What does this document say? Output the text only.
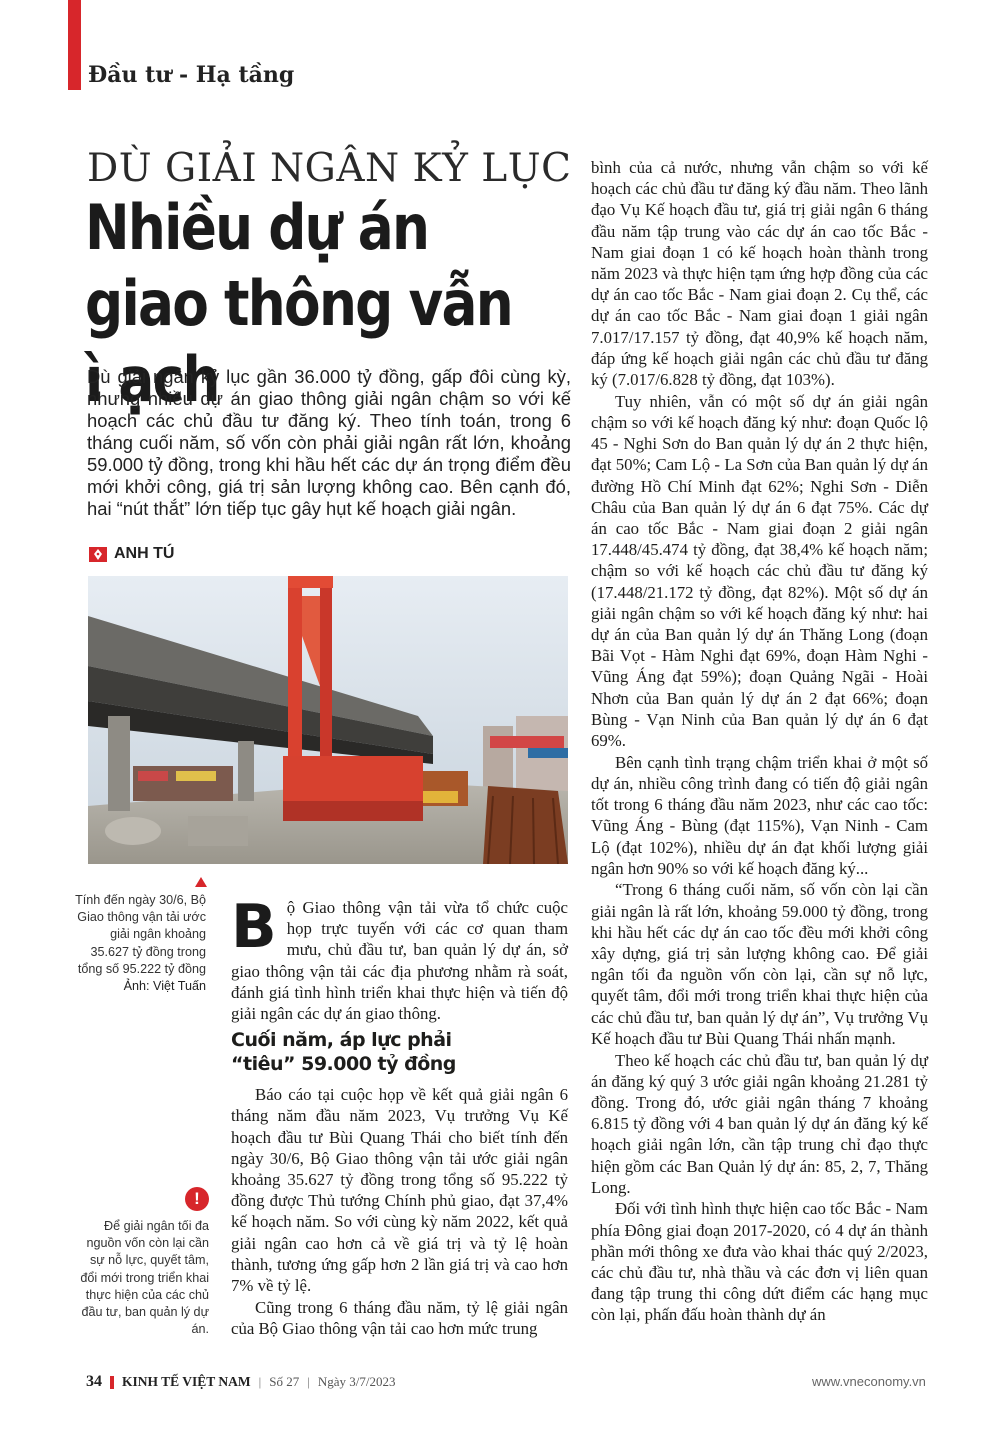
Đầu tư - Hạ tầng
DÙ GIẢI NGÂN KỶ LỤC
Nhiều dự án
giao thông vẫn ì ạch
Dù giải ngân kỷ lục gần 36.000 tỷ đồng, gấp đôi cùng kỳ, nhưng nhiều dự án giao thông giải ngân chậm so với kế hoạch các chủ đầu tư đăng ký. Theo tính toán, trong 6 tháng cuối năm, số vốn còn phải giải ngân rất lớn, khoảng 59.000 tỷ đồng, trong khi hầu hết các dự án trọng điểm đều mới khởi công, giá trị sản lượng không cao. Bên cạnh đó, hai “nút thắt” lớn tiếp tục gây hụt kế hoạch giải ngân.
ANH TÚ
Tính đến ngày 30/6, Bộ Giao thông vận tải ước giải ngân khoảng 35.627 tỷ đồng trong tổng số 95.222 tỷ đồng
Ảnh: Việt Tuấn
!
Để giải ngân tối đa nguồn vốn còn lại cần sự nỗ lực, quyết tâm, đổi mới trong triển khai thực hiện của các chủ đầu tư, ban quản lý dự án.

Bộ Giao thông vận tải vừa tổ chức cuộc họp trực tuyến với các cơ quan tham mưu, chủ đầu tư, ban quản lý dự án, sở giao thông vận tải các địa phương nhằm rà soát, đánh giá tình hình triển khai thực hiện và tiến độ giải ngân các dự án giao thông.

Cuối năm, áp lực phải
“tiêu” 59.000 tỷ đồng

Báo cáo tại cuộc họp về kết quả giải ngân 6 tháng năm đầu năm 2023, Vụ trưởng Vụ Kế hoạch đầu tư Bùi Quang Thái cho biết tính đến ngày 30/6, Bộ Giao thông vận tải ước giải ngân khoảng 35.627 tỷ đồng trong tổng số 95.222 tỷ đồng được Thủ tướng Chính phủ giao, đạt 37,4% kế hoạch năm. So với cùng kỳ năm 2022, kết quả giải ngân cao hơn cả về giá trị và tỷ lệ hoàn thành, tương ứng gấp hơn 2 lần giá trị và cao hơn 7% về tỷ lệ.

Cũng trong 6 tháng đầu năm, tỷ lệ giải ngân của Bộ Giao thông vận tải cao hơn mức trung

bình của cả nước, nhưng vẫn chậm so với kế hoạch các chủ đầu tư đăng ký đầu năm. Theo lãnh đạo Vụ Kế hoạch đầu tư, giá trị giải ngân 6 tháng đầu năm tập trung vào các dự án cao tốc Bắc - Nam giai đoạn 1 có kế hoạch hoàn thành trong năm 2023 và thực hiện tạm ứng hợp đồng của các dự án cao tốc Bắc - Nam giai đoạn 2. Cụ thể, các dự án cao tốc Bắc - Nam giai đoạn 1 giải ngân 7.017/17.157 tỷ đồng, đạt 40,9% kế hoạch năm, đáp ứng kế hoạch giải ngân các chủ đầu tư đăng ký (7.017/6.828 tỷ đồng, đạt 103%).

Tuy nhiên, vẫn có một số dự án giải ngân chậm so với kế hoạch đăng ký như: đoạn Quốc lộ 45 - Nghi Sơn do Ban quản lý dự án 2 thực hiện, đạt 50%; Cam Lộ - La Sơn của Ban quản lý dự án đường Hồ Chí Minh đạt 62%; Nghi Sơn - Diễn Châu của Ban quản lý dự án 6 đạt 75%. Các dự án cao tốc Bắc - Nam giai đoạn 2 giải ngân 17.448/45.474 tỷ đồng, đạt 38,4% kế hoạch năm; chậm so với kế hoạch các chủ đầu tư đăng ký (17.448/21.172 tỷ đồng, đạt 82%). Một số dự án giải ngân chậm so với kế hoạch đăng ký như: hai dự án của Ban quản lý dự án Thăng Long (đoạn Bãi Vọt - Hàm Nghi đạt 69%, đoạn Hàm Nghi - Vũng Áng đạt 59%); đoạn Quảng Ngãi - Hoài Nhơn của Ban quản lý dự án 2 đạt 66%; đoạn Bùng - Vạn Ninh của Ban quản lý dự án 6 đạt 69%.

Bên cạnh tình trạng chậm triển khai ở một số dự án, nhiều công trình đang có tiến độ giải ngân tốt trong 6 tháng đầu năm 2023, như các cao tốc: Vũng Áng - Bùng (đạt 115%), Vạn Ninh - Cam Lộ (đạt 102%), nhiều dự án đạt khối lượng giải ngân hơn 90% so với kế hoạch đăng ký...

“Trong 6 tháng cuối năm, số vốn còn lại cần giải ngân là rất lớn, khoảng 59.000 tỷ đồng, trong khi hầu hết các dự án cao tốc đều mới khởi công xây dựng, giá trị sản lượng không cao. Để giải ngân tối đa nguồn vốn còn lại, cần sự nỗ lực, quyết tâm, đổi mới trong triển khai thực hiện của các chủ đầu tư, ban quản lý dự án”, Vụ trưởng Vụ Kế hoạch đầu tư Bùi Quang Thái nhấn mạnh.

Theo kế hoạch các chủ đầu tư, ban quản lý dự án đăng ký quý 3 ước giải ngân khoảng 21.281 tỷ đồng. Trong đó, ước giải ngân tháng 7 khoảng 6.815 tỷ đồng với 4 ban quản lý dự án đăng ký kế hoạch giải ngân lớn, cần tập trung chỉ đạo thực hiện gồm các Ban Quản lý dự án: 85, 2, 7, Thăng Long.

Đối với tình hình thực hiện cao tốc Bắc - Nam phía Đông giai đoạn 2017-2020, có 4 dự án thành phần mới thông xe đưa vào khai thác quý 2/2023, các chủ đầu tư, nhà thầu và các đơn vị liên quan đang tập trung thi công dứt điểm các hạng mục còn lại, phấn đấu hoàn thành dự án

34 KINH TẾ VIỆT NAM | Số 27 | Ngày 3/7/2023	www.vneconomy.vn
